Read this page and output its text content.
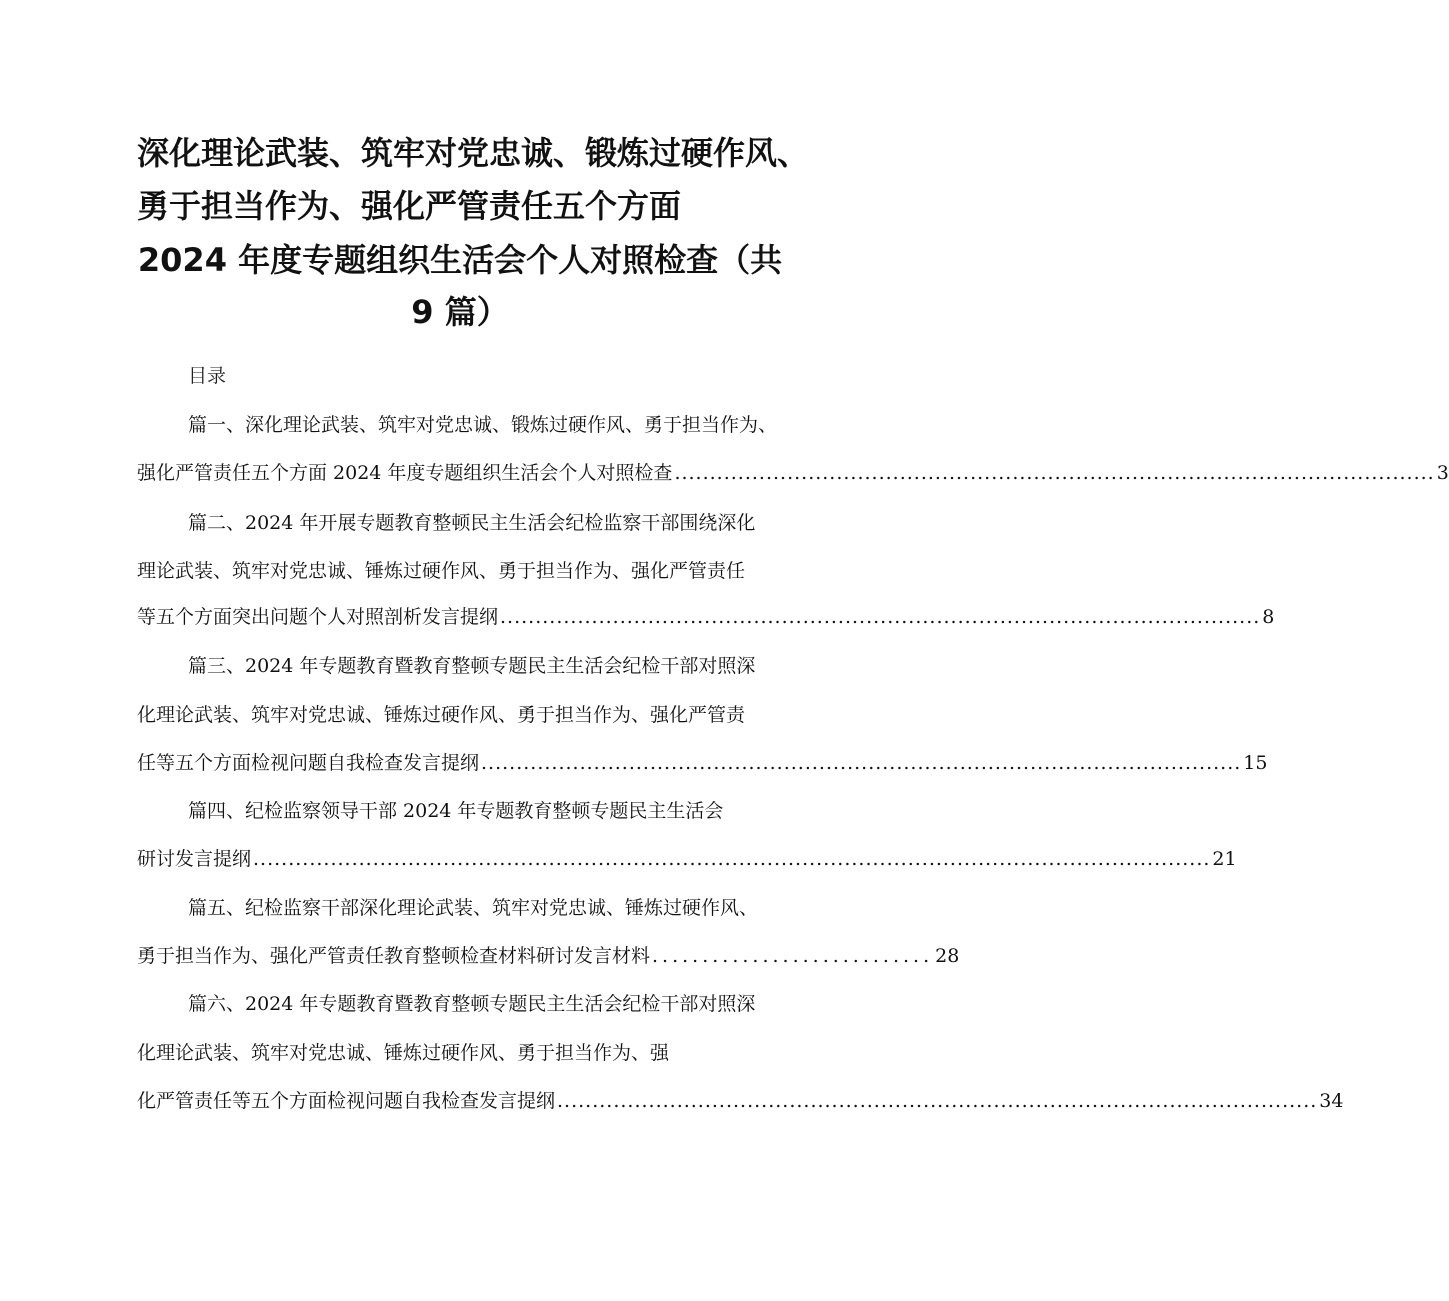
深化理论武装、筑牢对党忠诚、锻炼过硬作风、
勇于担当作为、强化严管责任五个方面
2024 年度专题组织生活会个人对照检查（共
9 篇）
目录
篇一、深化理论武装、筑牢对党忠诚、锻炼过硬作风、勇于担当作为、
强化严管责任五个方面 2024 年度专题组织生活会个人对照检查 ............................................................................................................ 3
篇二、2024 年开展专题教育整顿民主生活会纪检监察干部围绕深化
理论武装、筑牢对党忠诚、锤炼过硬作风、勇于担当作为、强化严管责任
等五个方面突出问题个人对照剖析发言提纲 ............................................................................................................ 8
篇三、2024 年专题教育暨教育整顿专题民主生活会纪检干部对照深
化理论武装、筑牢对党忠诚、锤炼过硬作风、勇于担当作为、强化严管责
任等五个方面检视问题自我检查发言提纲 ............................................................................................................ 15
篇四、纪检监察领导干部 2024 年专题教育整顿专题民主生活会
研讨发言提纲 ........................................................................................................................................ 21
篇五、纪检监察干部深化理论武装、筑牢对党忠诚、锤炼过硬作风、
勇于担当作为、强化严管责任教育整顿检查材料研讨发言材料 ............................ 28
篇六、2024 年专题教育暨教育整顿专题民主生活会纪检干部对照深
化理论武装、筑牢对党忠诚、锤炼过硬作风、勇于担当作为、强
化严管责任等五个方面检视问题自我检查发言提纲 ............................................................................................................ 34
